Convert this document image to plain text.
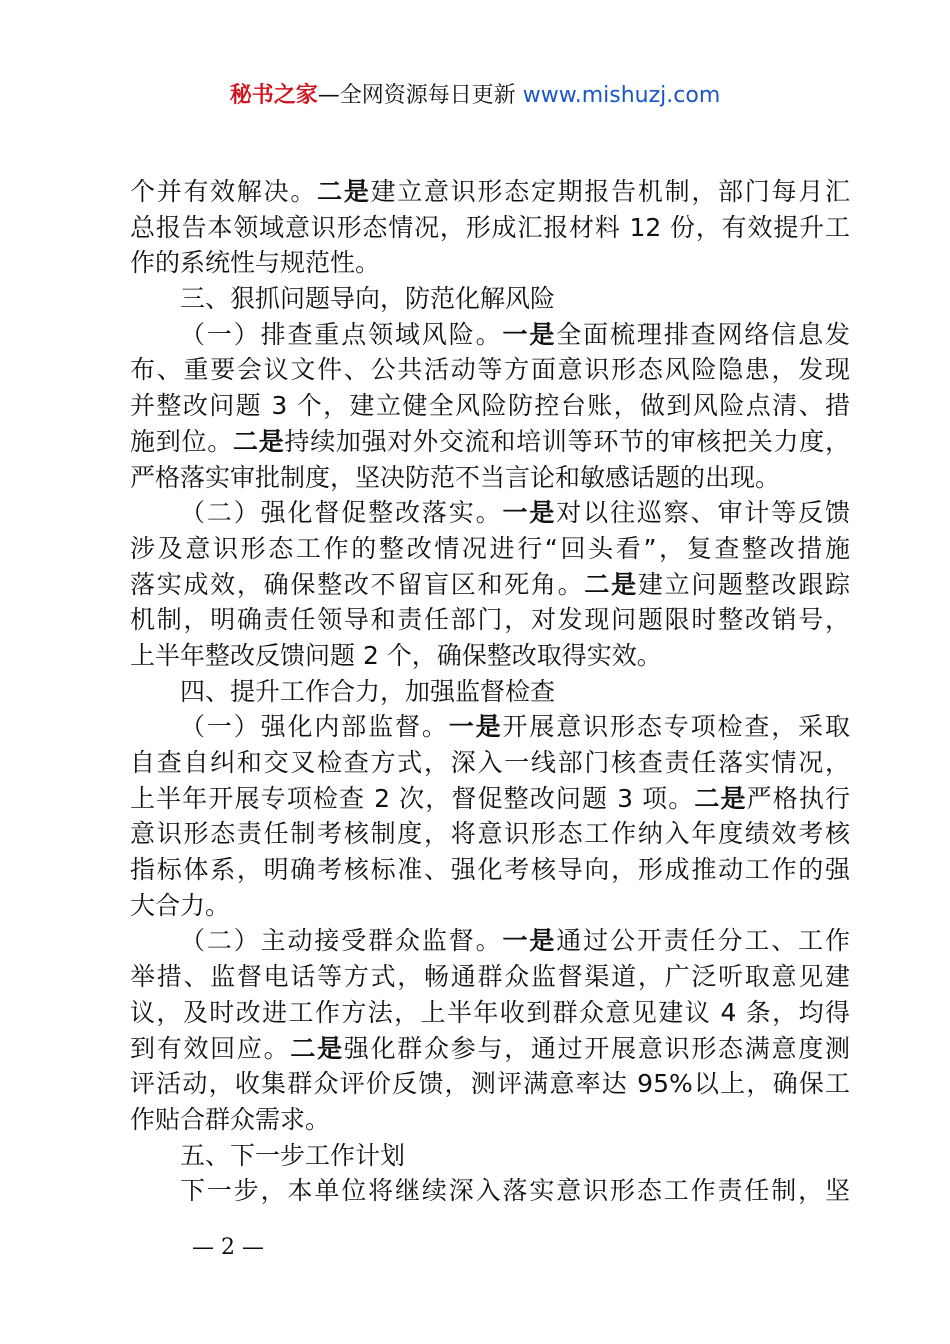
秘书之家—全网资源每日更新 www.mishuzj.com
个并有效解决。二是建立意识形态定期报告机制，部门每月汇
总报告本领域意识形态情况，形成汇报材料 12 份，有效提升工
作的系统性与规范性。
三、狠抓问题导向，防范化解风险
（一）排查重点领域风险。一是全面梳理排查网络信息发
布、重要会议文件、公共活动等方面意识形态风险隐患，发现
并整改问题 3 个，建立健全风险防控台账，做到风险点清、措
施到位。二是持续加强对外交流和培训等环节的审核把关力度，
严格落实审批制度，坚决防范不当言论和敏感话题的出现。
（二）强化督促整改落实。一是对以往巡察、审计等反馈
涉及意识形态工作的整改情况进行“回头看”，复查整改措施
落实成效，确保整改不留盲区和死角。二是建立问题整改跟踪
机制，明确责任领导和责任部门，对发现问题限时整改销号，
上半年整改反馈问题 2 个，确保整改取得实效。
四、提升工作合力，加强监督检查
（一）强化内部监督。一是开展意识形态专项检查，采取
自查自纠和交叉检查方式，深入一线部门核查责任落实情况，
上半年开展专项检查 2 次，督促整改问题 3 项。二是严格执行
意识形态责任制考核制度，将意识形态工作纳入年度绩效考核
指标体系，明确考核标准、强化考核导向，形成推动工作的强
大合力。
（二）主动接受群众监督。一是通过公开责任分工、工作
举措、监督电话等方式，畅通群众监督渠道，广泛听取意见建
议，及时改进工作方法，上半年收到群众意见建议 4 条，均得
到有效回应。二是强化群众参与，通过开展意识形态满意度测
评活动，收集群众评价反馈，测评满意率达 95%以上，确保工
作贴合群众需求。
五、下一步工作计划
下一步，本单位将继续深入落实意识形态工作责任制，坚
— 2 —
